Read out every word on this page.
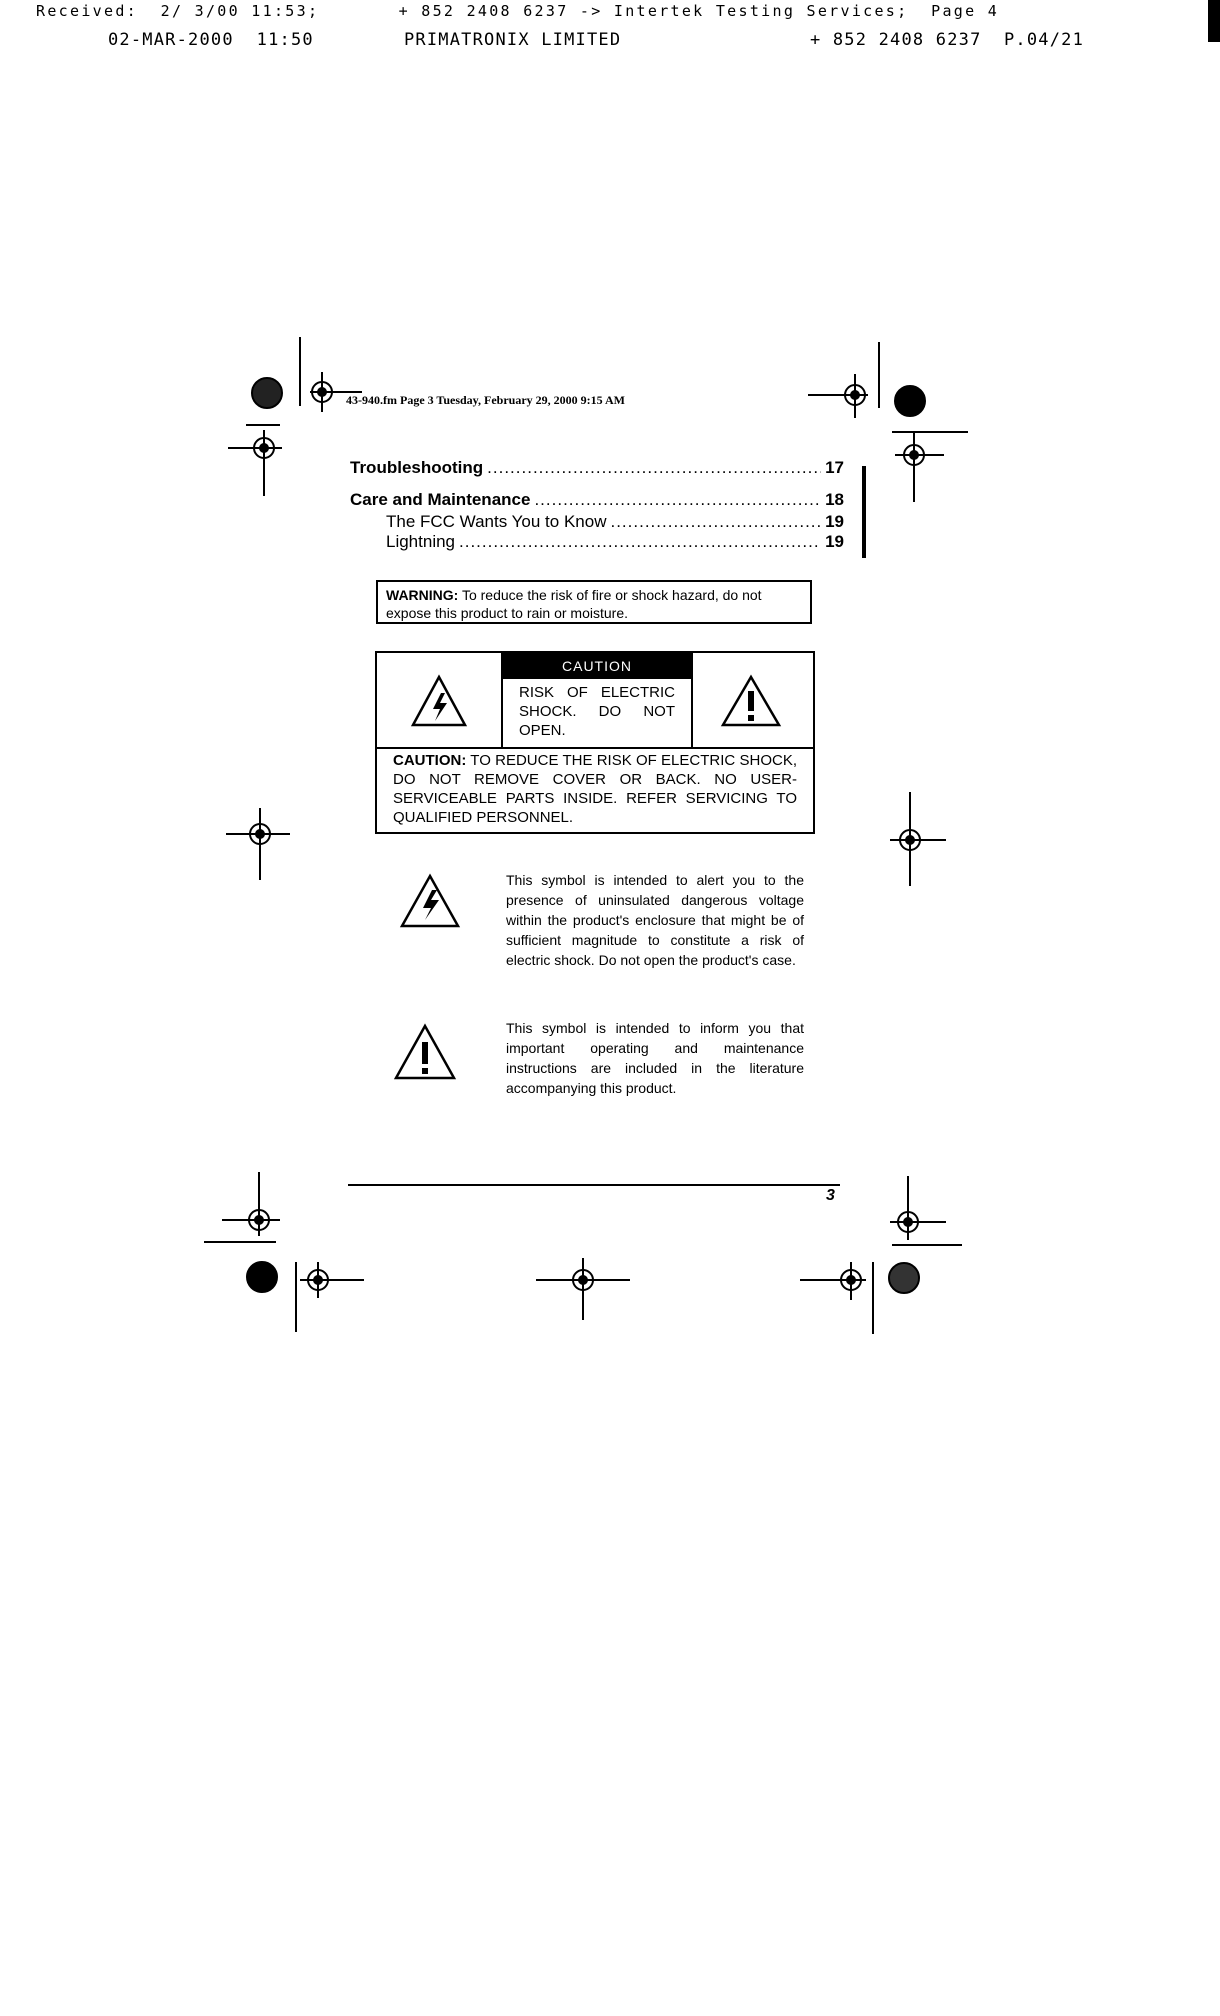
Received:  2/ 3/00 11:53;       + 852 2408 6237 -> Intertek Testing Services;  Page 4
02-MAR-2000  11:50	PRIMATRONIX LIMITED	+ 852 2408 6237 P.04/21
43-940.fm Page 3 Tuesday, February 29, 2000 9:15 AM
Troubleshooting .....	17
Care and Maintenance .....	18
The FCC Wants You to Know .....	19
Lightning .....	19
WARNING: To reduce the risk of fire or shock hazard, do not expose this product to rain or moisture.
CAUTION
RISK OF ELECTRIC SHOCK. DO NOT OPEN.
CAUTION: TO REDUCE THE RISK OF ELECTRIC SHOCK, DO NOT REMOVE COVER OR BACK. NO USER-SERVICEABLE PARTS INSIDE. REFER SERVICING TO QUALIFIED PERSONNEL.
This symbol is intended to alert you to the presence of uninsulated dangerous voltage within the product's enclosure that might be of sufficient magnitude to constitute a risk of electric shock. Do not open the product's case.
This symbol is intended to inform you that important operating and maintenance instructions are included in the literature accompanying this product.
3
